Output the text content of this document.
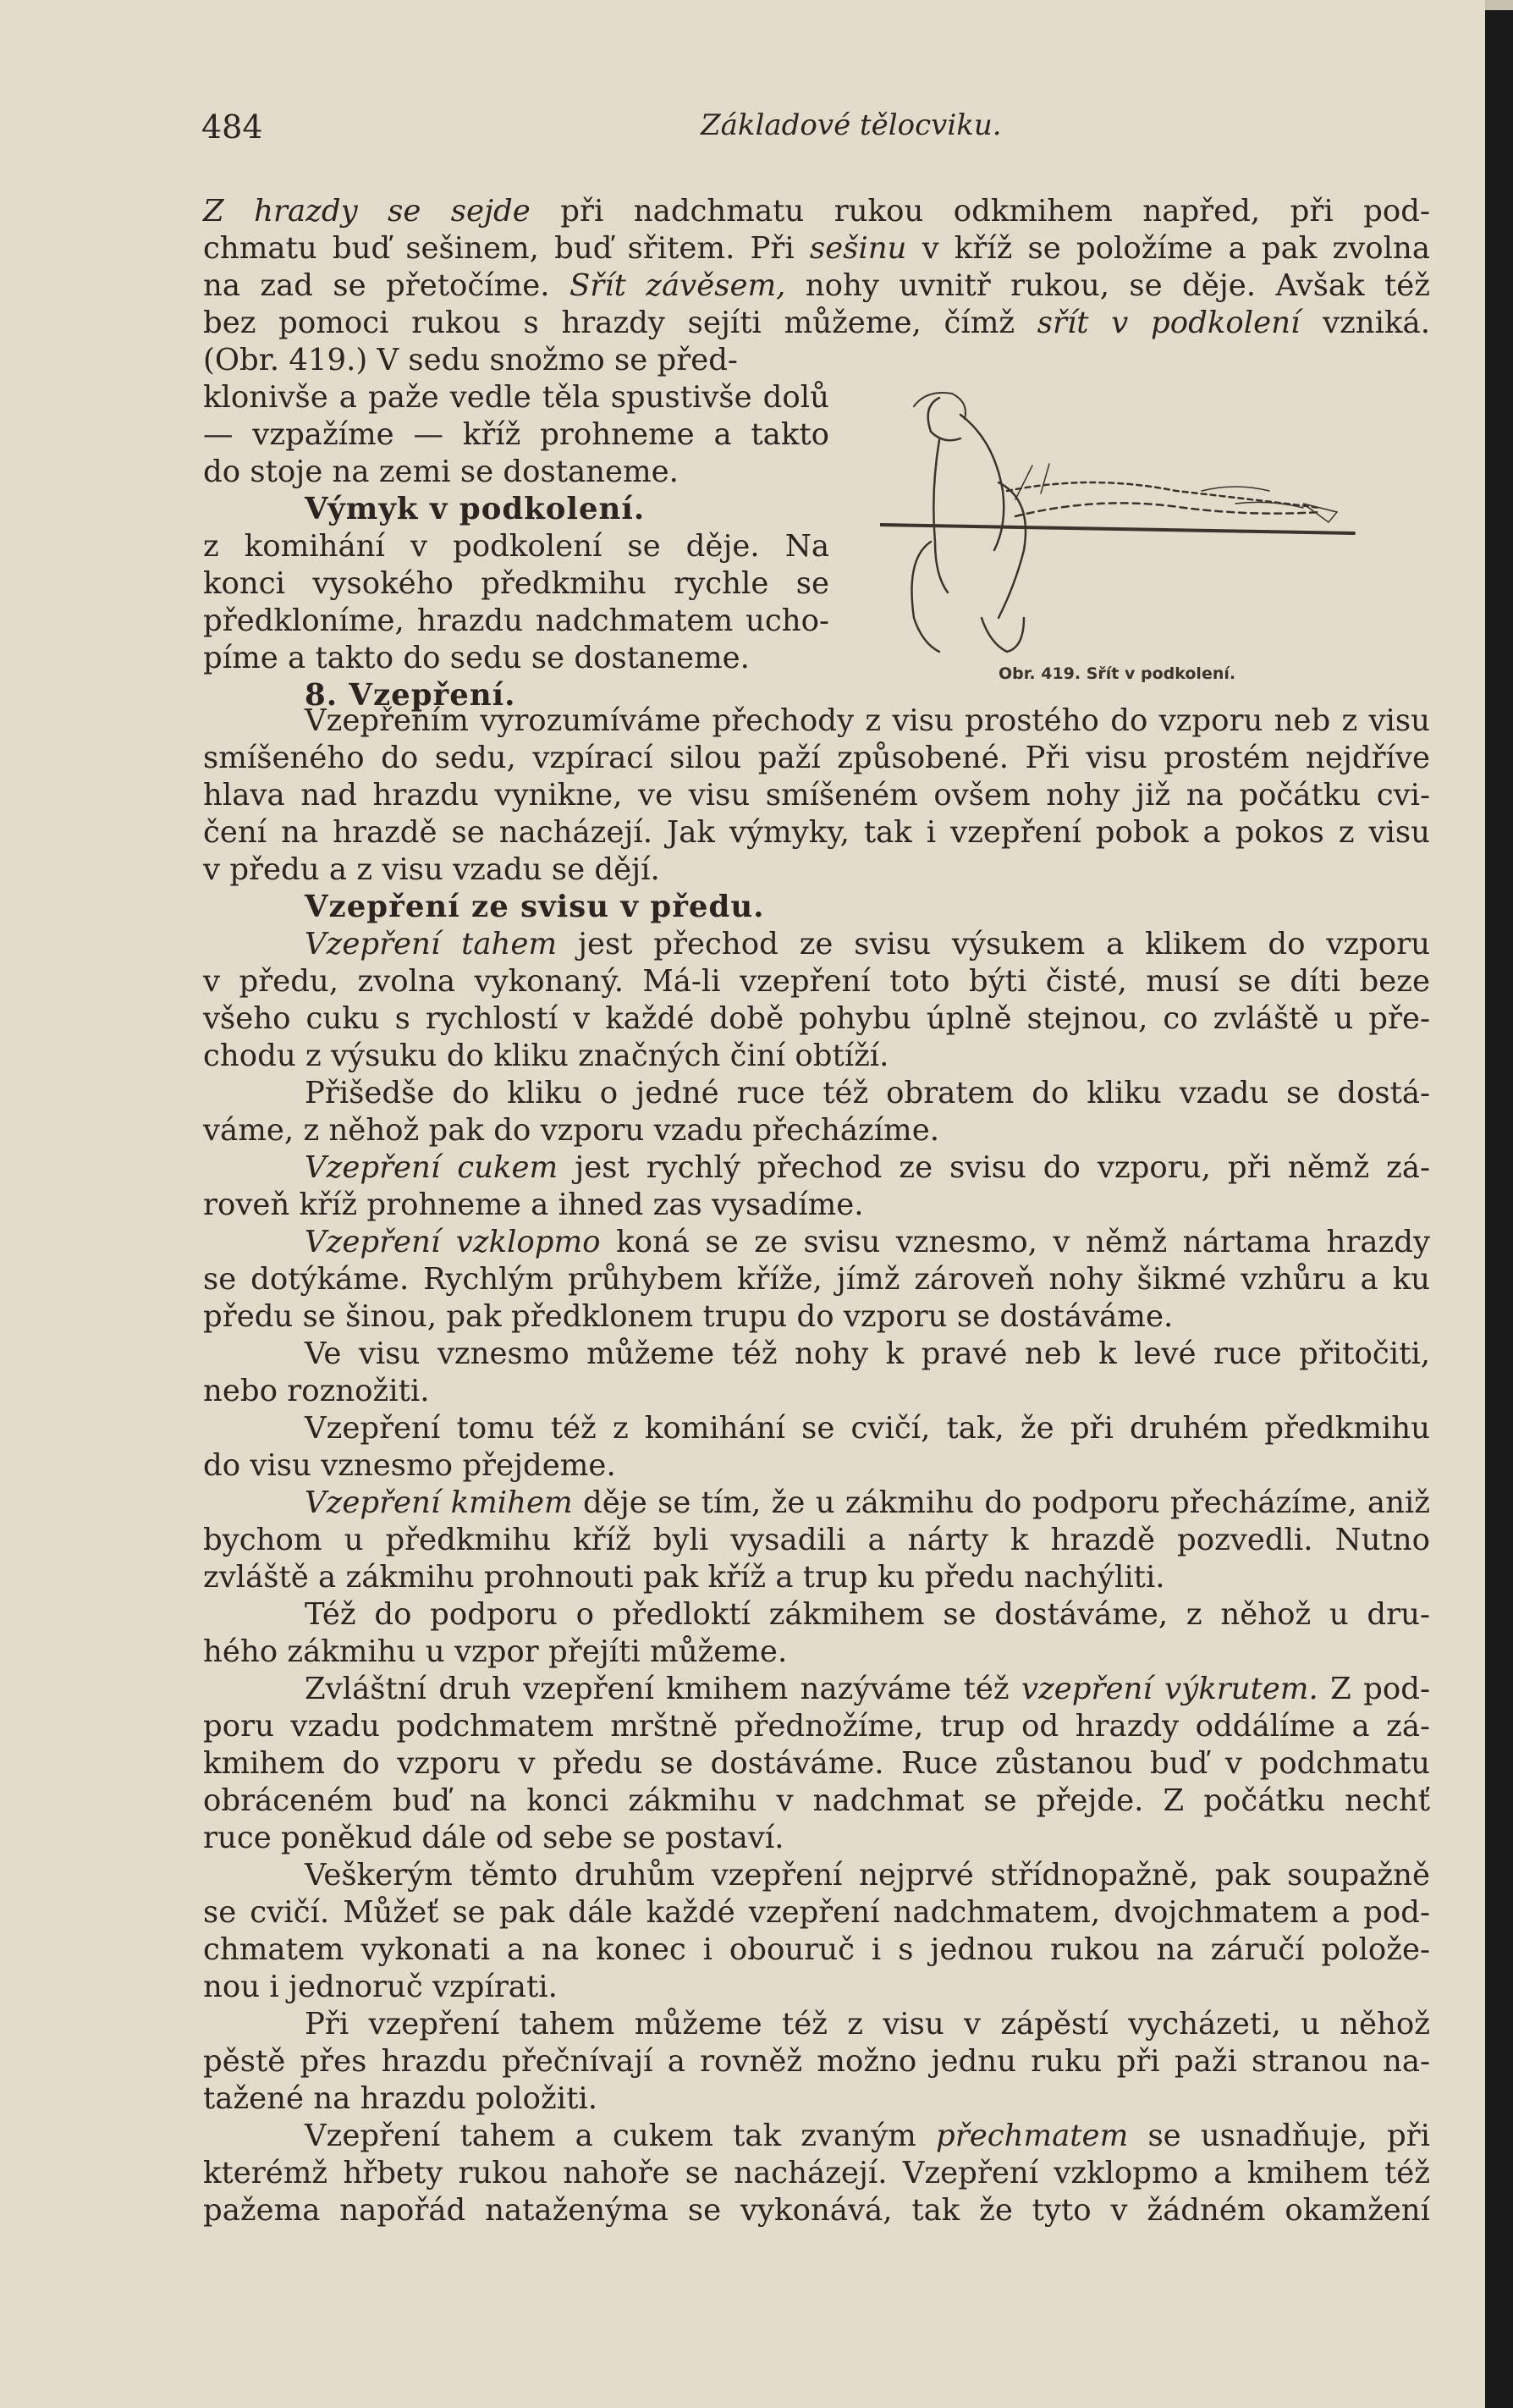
484	Základové tělocviku.
Z hrazdy se sejde při nadchmatu rukou odkmihem napřed, při pod-
chmatu buď sešinem, buď sřitem. Při sešinu v kříž se položíme a pak zvolna
na zad se přetočíme. Sřít závěsem, nohy uvnitř rukou, se děje. Avšak též
bez pomoci rukou s hrazdy sejíti můžeme, čímž sřít v podkolení vzniká.
(Obr. 419.) V sedu snožmo se před-
klonivše a paže vedle těla spustivše dolů
— vzpažíme — kříž prohneme a takto
do stoje na zemi se dostaneme.
Výmyk v podkolení.
z komihání v podkolení se děje. Na
konci vysokého předkmihu rychle se
předkloníme, hrazdu nadchmatem ucho-
píme a takto do sedu se dostaneme.
8. Vzepření.
Obr. 419. Sřít v podkolení.
Vzepřením vyrozumíváme přechody z visu prostého do vzporu neb z visu
smíšeného do sedu, vzpírací silou paží způsobené. Při visu prostém nejdříve
hlava nad hrazdu vynikne, ve visu smíšeném ovšem nohy již na počátku cvi-
čení na hrazdě se nacházejí. Jak výmyky, tak i vzepření pobok a pokos z visu
v předu a z visu vzadu se dějí.
Vzepření ze svisu v předu.
Vzepření tahem jest přechod ze svisu výsukem a klikem do vzporu
v předu, zvolna vykonaný. Má-li vzepření toto býti čisté, musí se díti beze
všeho cuku s rychlostí v každé době pohybu úplně stejnou, co zvláště u pře-
chodu z výsuku do kliku značných činí obtíží.
Přišedše do kliku o jedné ruce též obratem do kliku vzadu se dostá-
váme, z něhož pak do vzporu vzadu přecházíme.
Vzepření cukem jest rychlý přechod ze svisu do vzporu, při němž zá-
roveň kříž prohneme a ihned zas vysadíme.
Vzepření vzklopmo koná se ze svisu vznesmo, v němž nártama hrazdy
se dotýkáme. Rychlým průhybem kříže, jímž zároveň nohy šikmé vzhůru a ku
předu se šinou, pak předklonem trupu do vzporu se dostáváme.
Ve visu vznesmo můžeme též nohy k pravé neb k levé ruce přitočiti,
nebo roznožiti.
Vzepření tomu též z komihání se cvičí, tak, že při druhém předkmihu
do visu vznesmo přejdeme.
Vzepření kmihem děje se tím, že u zákmihu do podporu přecházíme, aniž
bychom u předkmihu kříž byli vysadili a nárty k hrazdě pozvedli. Nutno
zvláště a zákmihu prohnouti pak kříž a trup ku předu nachýliti.
Též do podporu o předloktí zákmihem se dostáváme, z něhož u dru-
hého zákmihu u vzpor přejíti můžeme.
Zvláštní druh vzepření kmihem nazýváme též vzepření výkrutem. Z pod-
poru vzadu podchmatem mrštně přednožíme, trup od hrazdy oddálíme a zá-
kmihem do vzporu v předu se dostáváme. Ruce zůstanou buď v podchmatu
obráceném buď na konci zákmihu v nadchmat se přejde. Z počátku nechť
ruce poněkud dále od sebe se postaví.
Veškerým těmto druhům vzepření nejprvé střídnopažně, pak soupažně
se cvičí. Můžeť se pak dále každé vzepření nadchmatem, dvojchmatem a pod-
chmatem vykonati a na konec i obouruč i s jednou rukou na záručí polože-
nou i jednoruč vzpírati.
Při vzepření tahem můžeme též z visu v zápěstí vycházeti, u něhož
pěstě přes hrazdu přečnívají a rovněž možno jednu ruku při paži stranou na-
tažené na hrazdu položiti.
Vzepření tahem a cukem tak zvaným přechmatem se usnadňuje, při
kterémž hřbety rukou nahoře se nacházejí. Vzepření vzklopmo a kmihem též
pažema napořád nataženýma se vykonává, tak že tyto v žádném okamžení
